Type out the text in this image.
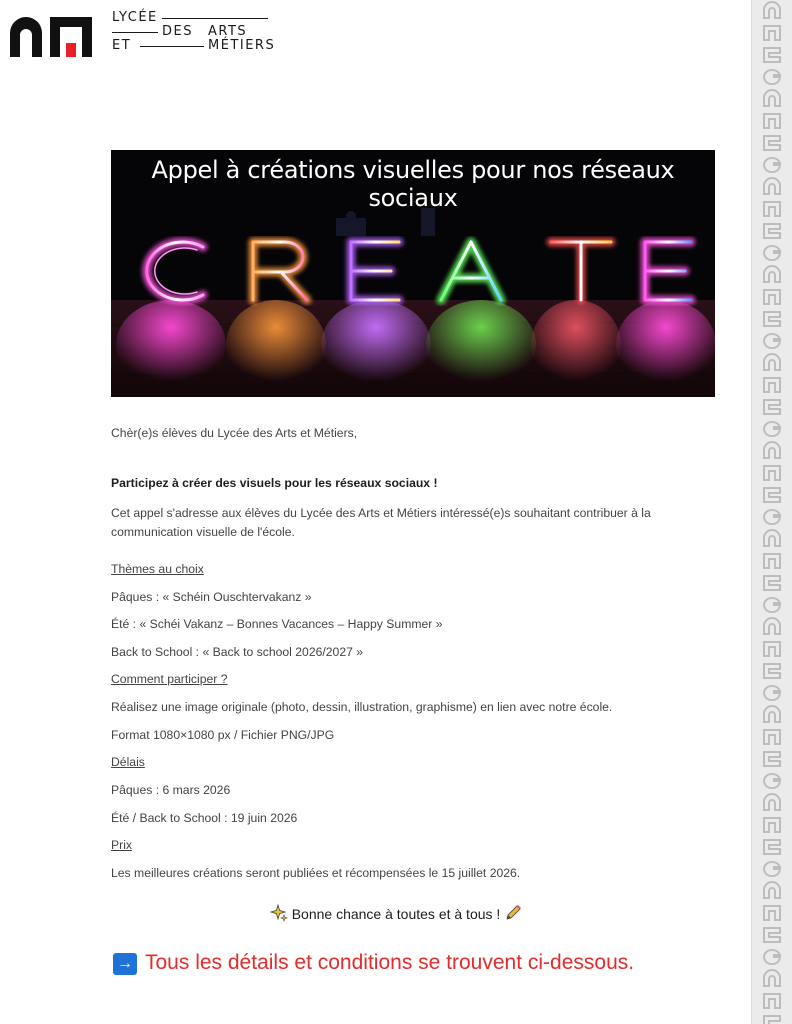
LYCÉE
DES ARTS
ET	MÉTIERS
Appel à créations visuelles pour nos réseaux sociaux
Chèr(e)s élèves du Lycée des Arts et Métiers,
Participez à créer des visuels pour les réseaux sociaux !
Cet appel s'adresse aux élèves du Lycée des Arts et Métiers intéressé(e)s souhaitant contribuer à la communication visuelle de l'école.
Thèmes au choix
Pâques : « Schéin Ouschtervakanz »
Été : « Schéi Vakanz – Bonnes Vacances – Happy Summer »
Back to School : « Back to school 2026/2027 »
Comment participer ?
Réalisez une image originale (photo, dessin, illustration, graphisme) en lien avec notre école.
Format 1080×1080 px / Fichier PNG/JPG
Délais
Pâques : 6 mars 2026
Été / Back to School : 19 juin 2026
Prix
Les meilleures créations seront publiées et récompensées le 15 juillet 2026.
Bonne chance à toutes et à tous !
→ Tous les détails et conditions se trouvent ci-dessous.
